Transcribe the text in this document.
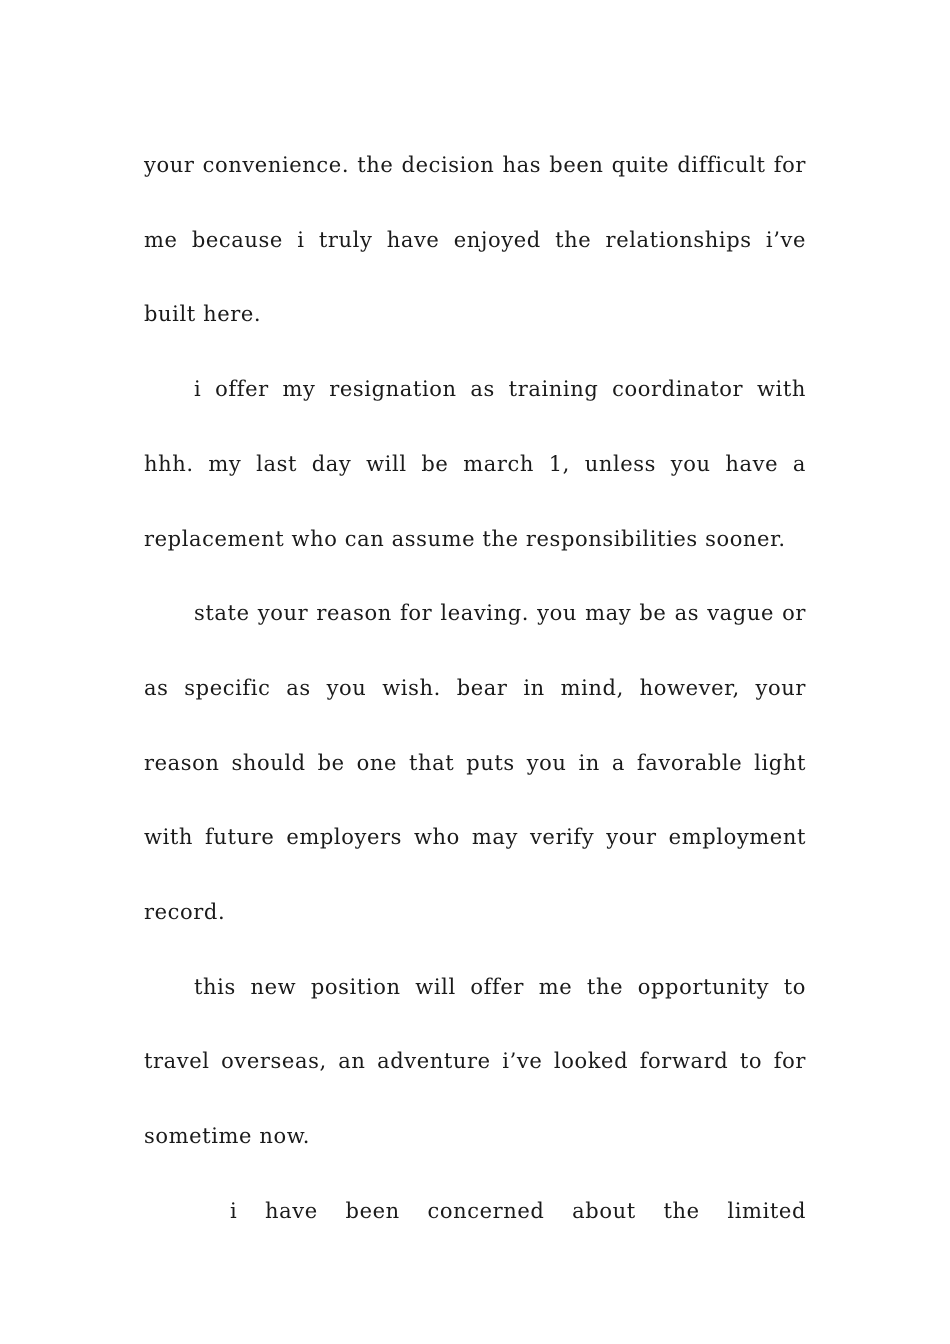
your convenience. the decision has been quite difficult for me because i truly have enjoyed the relationships i’ve built here.

i offer my resignation as training coordinator with hhh. my last day will be march 1, unless you have a replacement who can assume the responsibilities sooner.

state your reason for leaving. you may be as vague or as specific as you wish. bear in mind, however, your reason should be one that puts you in a favorable light with future employers who may verify your employment record.

this new position will offer me the opportunity to travel overseas, an adventure i’ve looked forward to for sometime now.

i have been concerned about the limited
